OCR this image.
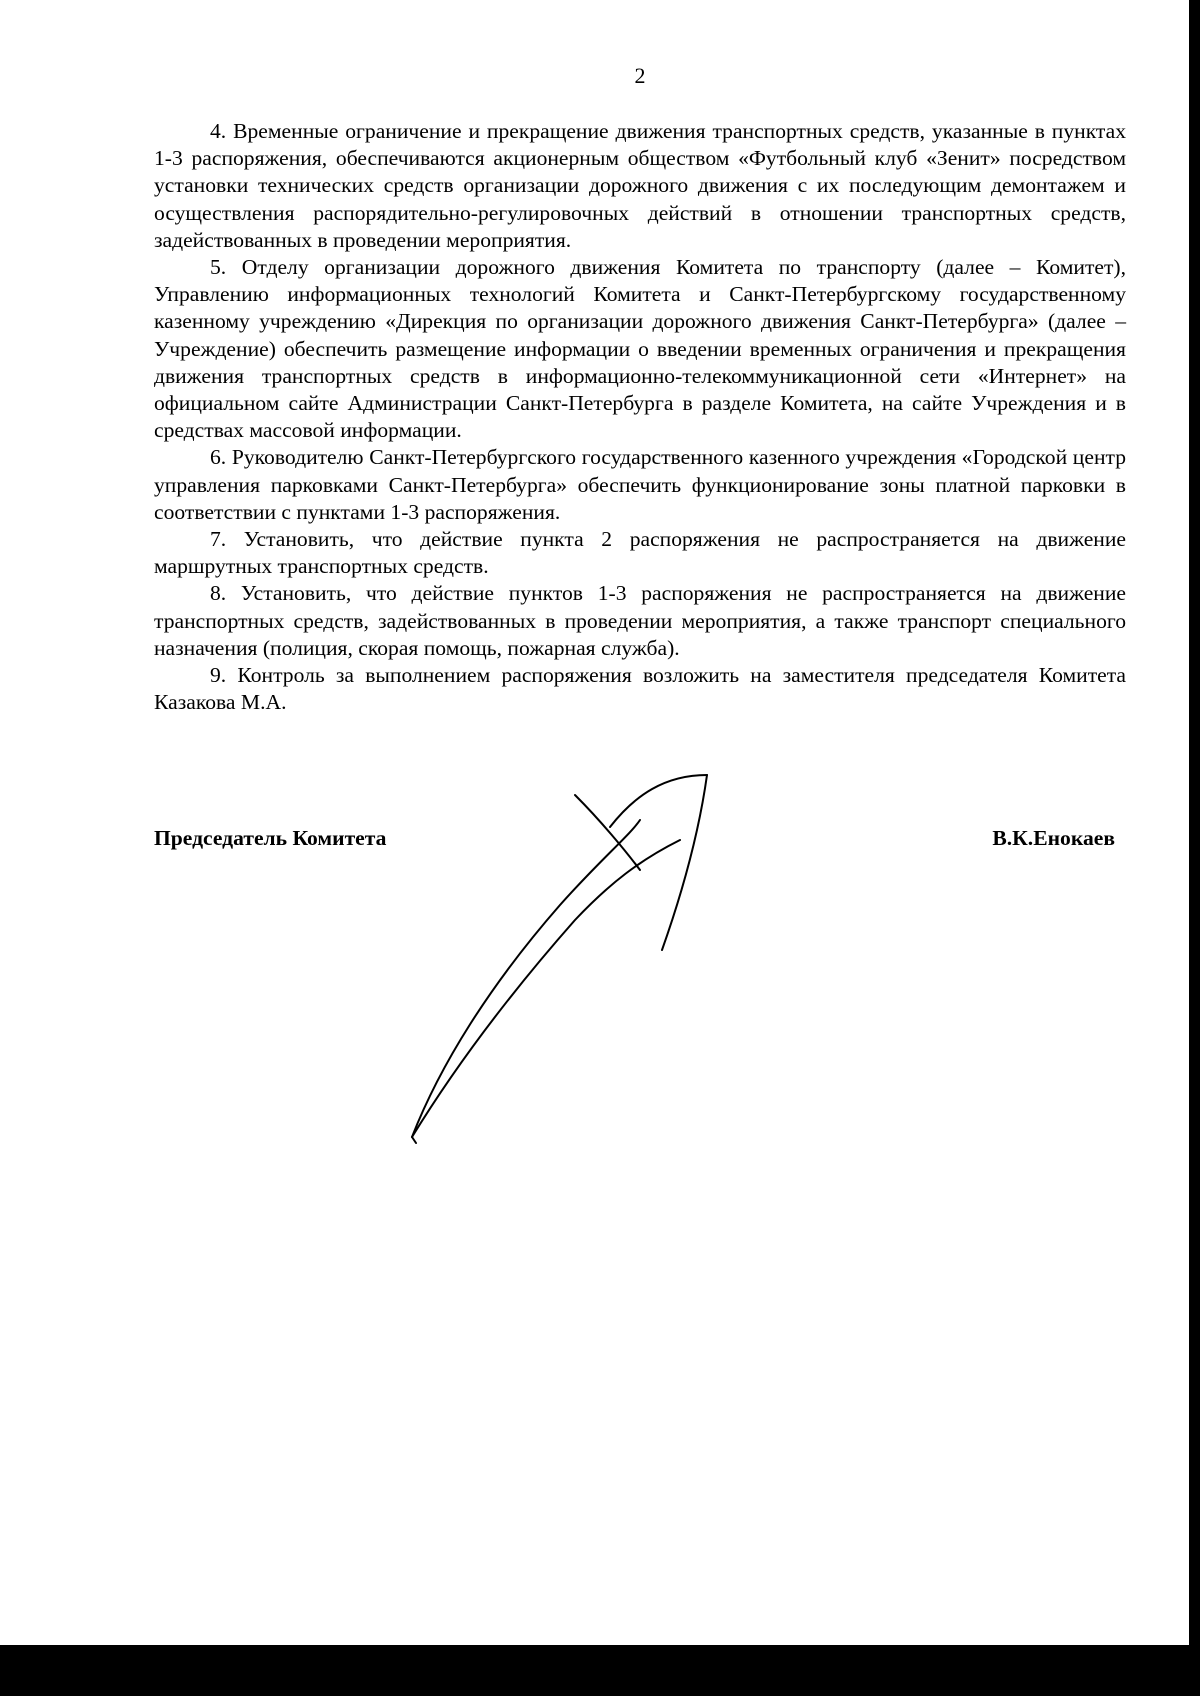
2

4. Временные ограничение и прекращение движения транспортных средств, указанные в пунктах 1-3 распоряжения, обеспечиваются акционерным обществом «Футбольный клуб «Зенит» посредством установки технических средств организации дорожного движения с их последующим демонтажем и осуществления распорядительно-регулировочных действий в отношении транспортных средств, задействованных в проведении мероприятия.

5. Отделу организации дорожного движения Комитета по транспорту (далее – Комитет), Управлению информационных технологий Комитета и Санкт-Петербургскому государственному казенному учреждению «Дирекция по организации дорожного движения Санкт-Петербурга» (далее – Учреждение) обеспечить размещение информации о введении временных ограничения и прекращения движения транспортных средств в информационно-телекоммуникационной сети «Интернет» на официальном сайте Администрации Санкт-Петербурга в разделе Комитета, на сайте Учреждения и в средствах массовой информации.

6. Руководителю Санкт-Петербургского государственного казенного учреждения «Городской центр управления парковками Санкт-Петербурга» обеспечить функционирование зоны платной парковки в соответствии с пунктами 1-3 распоряжения.

7. Установить, что действие пункта 2 распоряжения не распространяется на движение маршрутных транспортных средств.

8. Установить, что действие пунктов 1-3 распоряжения не распространяется на движение транспортных средств, задействованных в проведении мероприятия, а также транспорт специального назначения (полиция, скорая помощь, пожарная служба).

9. Контроль за выполнением распоряжения возложить на заместителя председателя Комитета Казакова М.А.

Председатель Комитета	В.К.Енокаев
